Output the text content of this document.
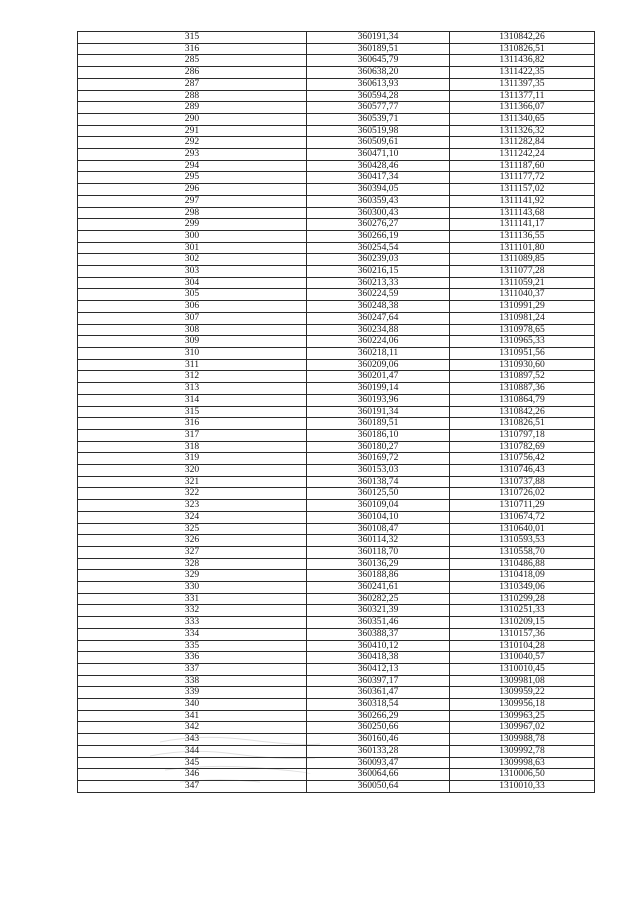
315	360191,34	1310842,26
316	360189,51	1310826,51
285	360645,79	1311436,82
286	360638,20	1311422,35
287	360613,93	1311397,35
288	360594,28	1311377,11
289	360577,77	1311366,07
290	360539,71	1311340,65
291	360519,98	1311326,32
292	360509,61	1311282,84
293	360471,10	1311242,24
294	360428,46	1311187,60
295	360417,34	1311177,72
296	360394,05	1311157,02
297	360359,43	1311141,92
298	360300,43	1311143,68
299	360276,27	1311141,17
300	360266,19	1311136,55
301	360254,54	1311101,80
302	360239,03	1311089,85
303	360216,15	1311077,28
304	360213,33	1311059,21
305	360224,59	1311040,37
306	360248,38	1310991,29
307	360247,64	1310981,24
308	360234,88	1310978,65
309	360224,06	1310965,33
310	360218,11	1310951,56
311	360209,06	1310930,60
312	360201,47	1310897,52
313	360199,14	1310887,36
314	360193,96	1310864,79
315	360191,34	1310842,26
316	360189,51	1310826,51
317	360186,10	1310797,18
318	360180,27	1310782,69
319	360169,72	1310756,42
320	360153,03	1310746,43
321	360138,74	1310737,88
322	360125,50	1310726,02
323	360109,04	1310711,29
324	360104,10	1310674,72
325	360108,47	1310640,01
326	360114,32	1310593,53
327	360118,70	1310558,70
328	360136,29	1310486,88
329	360188,86	1310418,09
330	360241,61	1310349,06
331	360282,25	1310299,28
332	360321,39	1310251,33
333	360351,46	1310209,15
334	360388,37	1310157,36
335	360410,12	1310104,28
336	360418,38	1310040,57
337	360412,13	1310010,45
338	360397,17	1309981,08
339	360361,47	1309959,22
340	360318,54	1309956,18
341	360266,29	1309963,25
342	360250,66	1309967,02
343	360160,46	1309988,78
344	360133,28	1309992,78
345	360093,47	1309998,63
346	360064,66	1310006,50
347	360050,64	1310010,33
